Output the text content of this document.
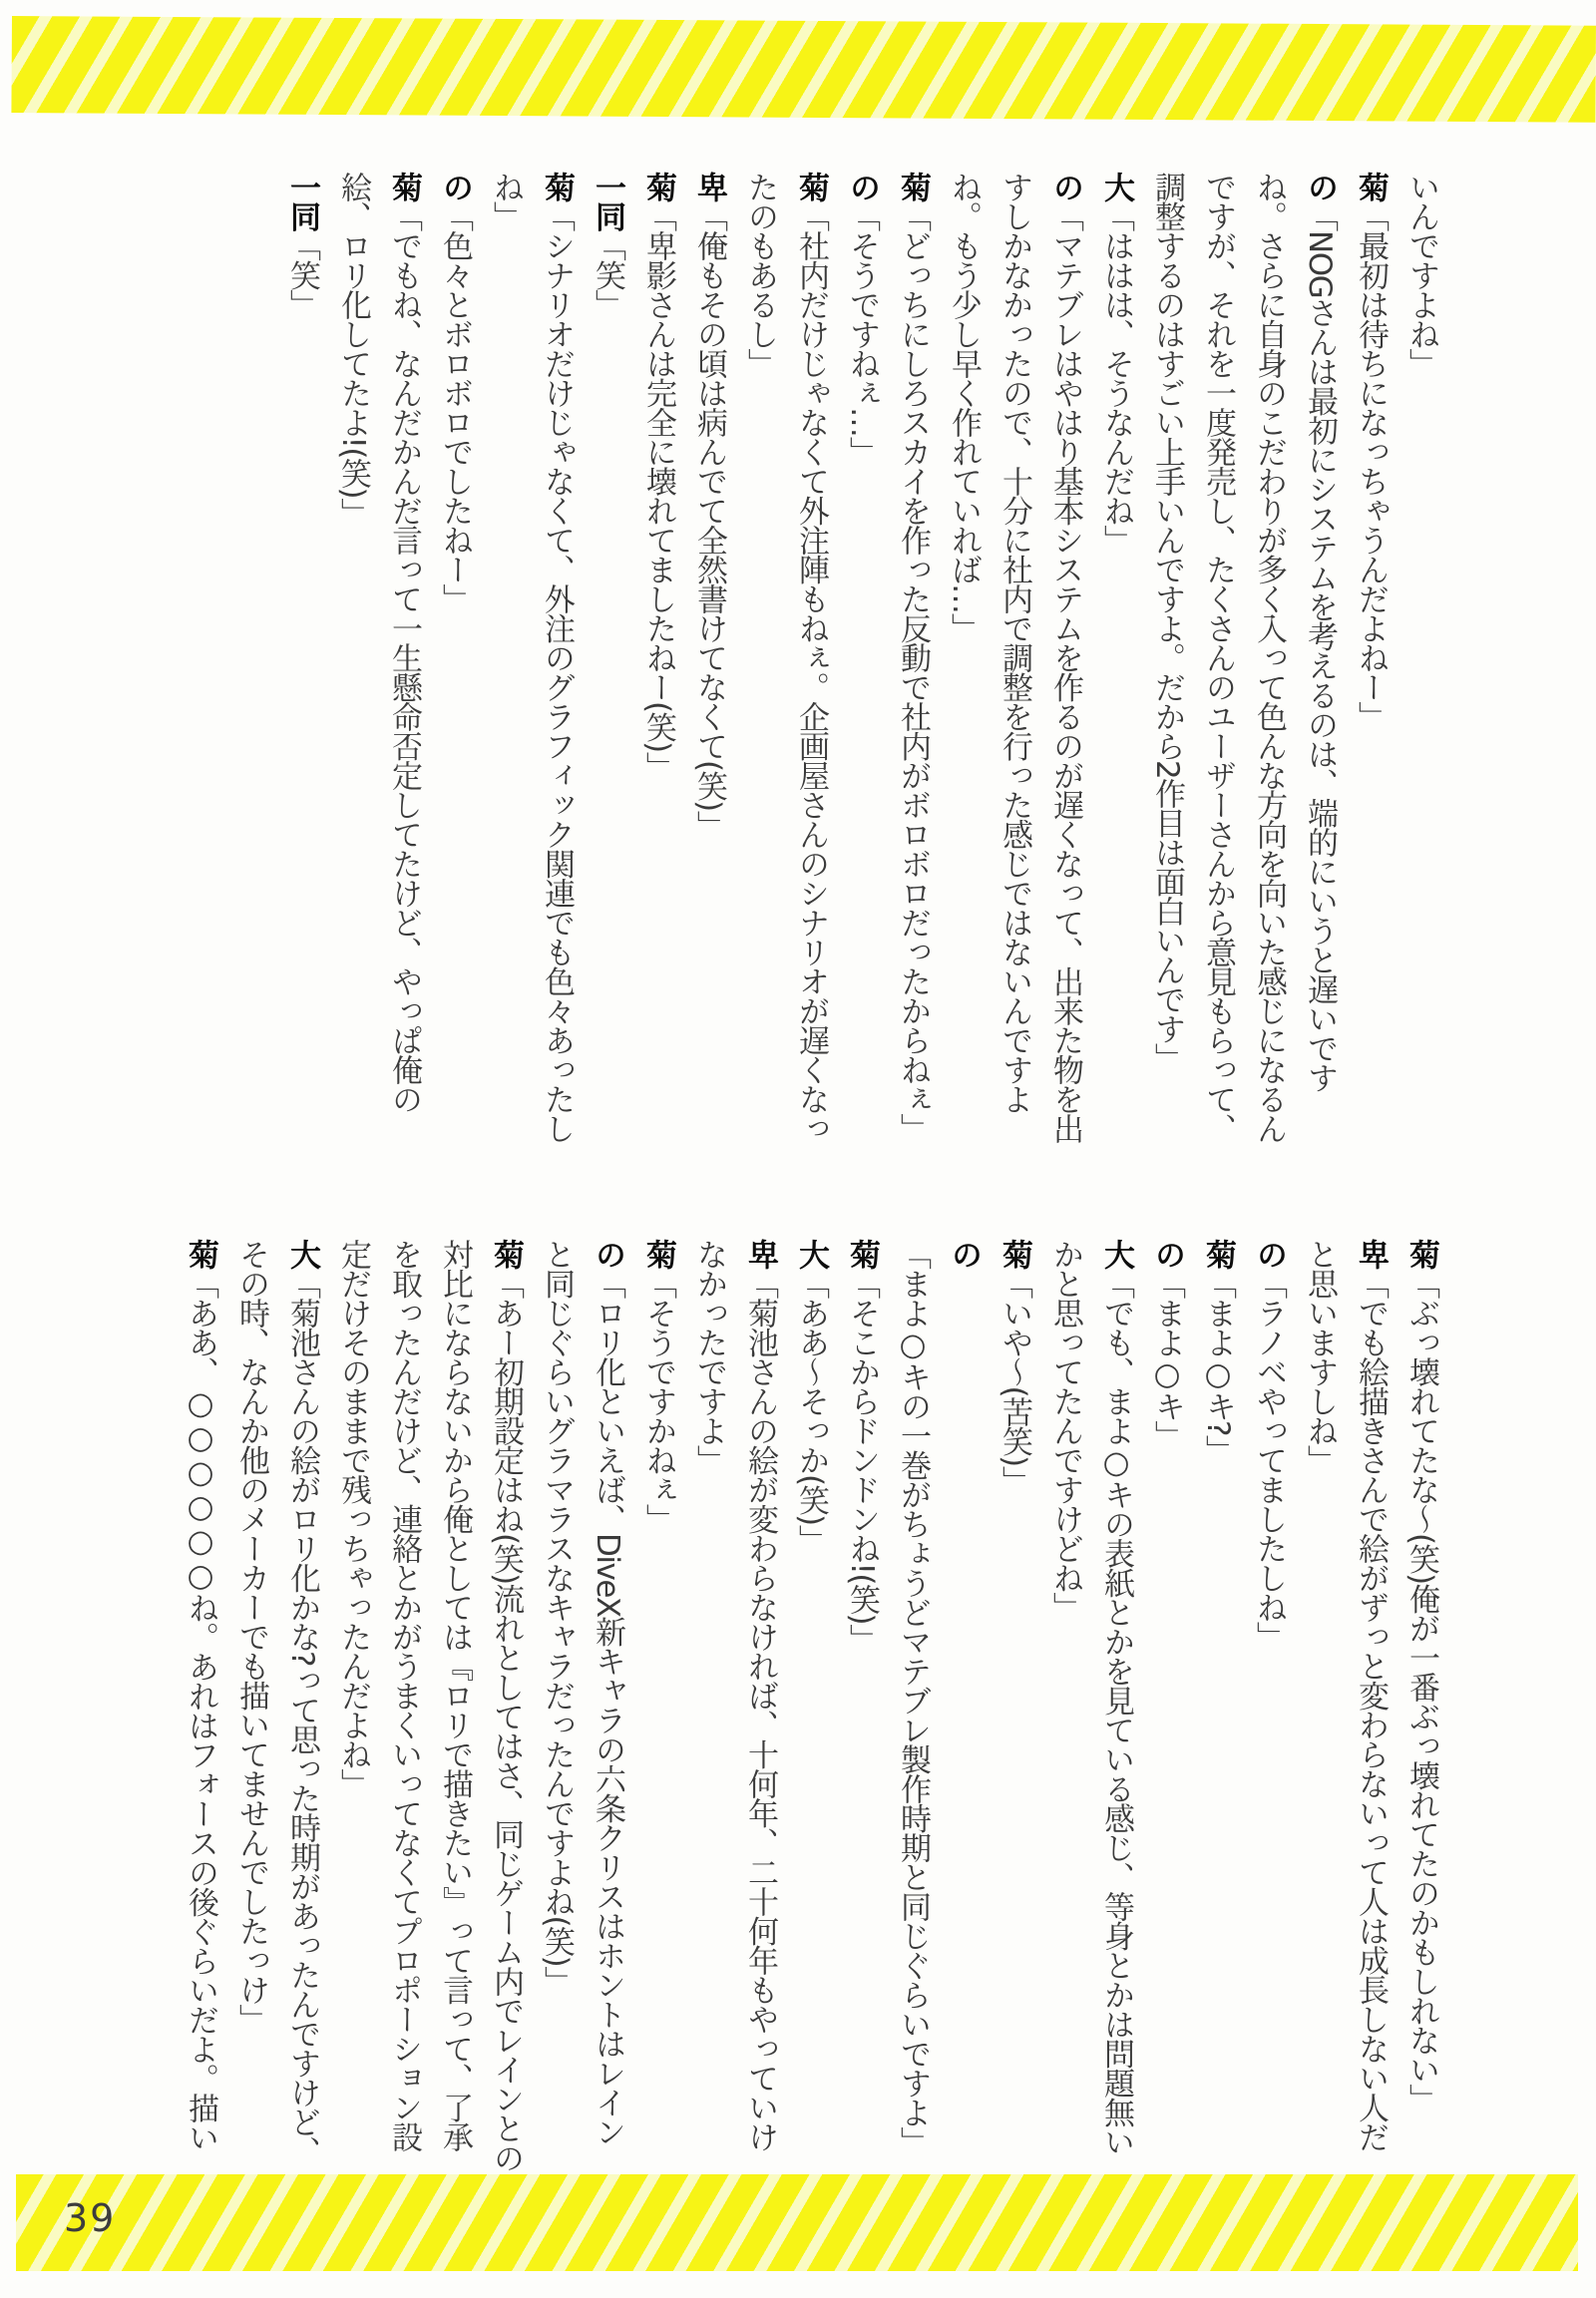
いんですよね」

菊「最初は待ちになっちゃうんだよねー」

の「NOGさんは最初にシステムを考えるのは、端的にいうと遅いですね。さらに自身のこだわりが多く入って色んな方向を向いた感じになるんですが、それを一度発売し、たくさんのユーザーさんから意見もらって、調整するのはすごい上手いんですよ。だから2作目は面白いんです」

大「ははは、そうなんだね」

の「マテブレはやはり基本システムを作るのが遅くなって、出来た物を出すしかなかったので、十分に社内で調整を行った感じではないんですよね。もう少し早く作れていれば…」

菊「どっちにしろスカイを作った反動で社内がボロボロだったからねぇ」

の「そうですねぇ…」

菊「社内だけじゃなくて外注陣もねぇ。企画屋さんのシナリオが遅くなったのもあるし」

卑「俺もその頃は病んでて全然書けてなくて(笑)」

菊「卑影さんは完全に壊れてましたねー(笑)」

一同「笑」

菊「シナリオだけじゃなくて、外注のグラフィック関連でも色々あったしね」

の「色々とボロボロでしたねー」

菊「でもね、なんだかんだ言って一生懸命否定してたけど、やっぱ俺の絵、ロリ化してたよ!(笑)」

一同「笑」

菊「ぶっ壊れてたな〜(笑)俺が一番ぶっ壊れてたのかもしれない」

卑「でも絵描きさんで絵がずっと変わらないって人は成長しない人だと思いますしね」

の「ラノベやってましたしね」

菊「まよ○キ?」

の「まよ○キ」

大「でも、まよ○キの表紙とかを見ている感じ、等身とかは問題無いかと思ってたんですけどね」

菊「いや〜(苦笑)」

の「まよ○キの一巻がちょうどマテブレ製作時期と同じぐらいですよ」

菊「そこからドンドンね!(笑)」

大「ああ〜そっか(笑)」

卑「菊池さんの絵が変わらなければ、十何年、二十何年もやっていけなかったですよ」

菊「そうですかねぇ」

の「ロリ化といえば、DiveX新キャラの六条クリスはホントはレインと同じぐらいグラマラスなキャラだったんですよね(笑)」

菊「あー初期設定はね(笑)流れとしてはさ、同じゲーム内でレインとの対比にならないから俺としては『ロリで描きたい』って言って、了承を取ったんだけど、連絡とかがうまくいってなくてプロポーション設定だけそのままで残っちゃったんだよね」

大「菊池さんの絵がロリ化かな?って思った時期があったんですけど、その時、なんか他のメーカーでも描いてませんでしたっけ」

菊「ああ、○○○○○○ね。あれはフォースの後ぐらいだよ。描い

39
